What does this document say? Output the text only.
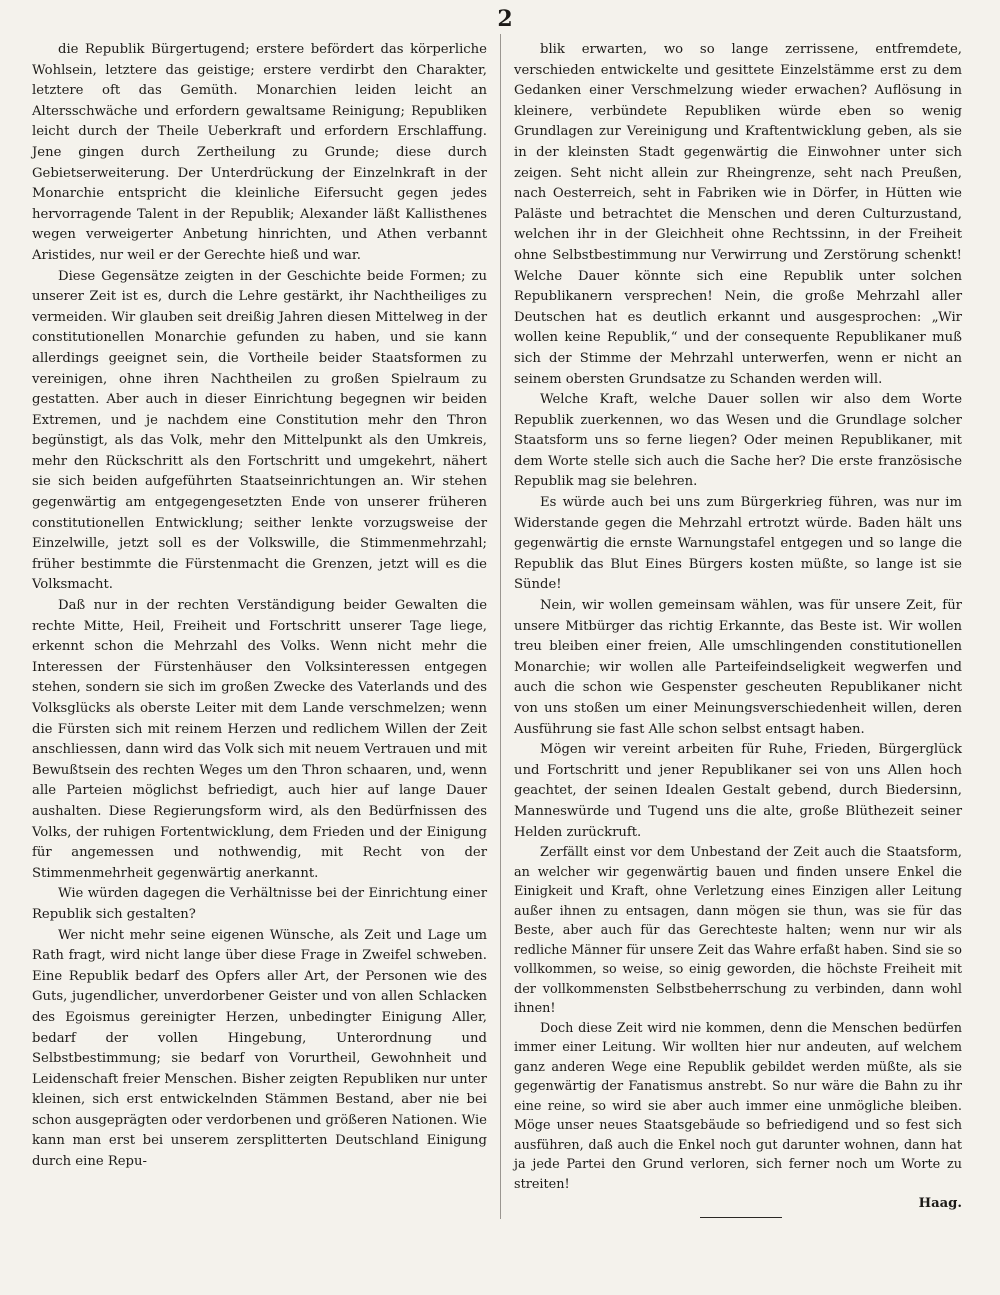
2

die Republik Bürgertugend; erstere befördert das körperliche Wohlsein, letztere das geistige; erstere verdirbt den Charakter, letztere oft das Gemüth. Monarchien leiden leicht an Altersschwäche und erfordern gewaltsame Reinigung; Republiken leicht durch der Theile Ueberkraft und erfordern Erschlaffung. Jene gingen durch Zertheilung zu Grunde; diese durch Gebietserweiterung. Der Unterdrückung der Einzelnkraft in der Monarchie entspricht die kleinliche Eifersucht gegen jedes hervorragende Talent in der Republik; Alexander läßt Kallisthenes wegen verweigerter Anbetung hinrichten, und Athen verbannt Aristides, nur weil er der Gerechte hieß und war.

Diese Gegensätze zeigten in der Geschichte beide Formen; zu unserer Zeit ist es, durch die Lehre gestärkt, ihr Nachtheiliges zu vermeiden. Wir glauben seit dreißig Jahren diesen Mittelweg in der constitutionellen Monarchie gefunden zu haben, und sie kann allerdings geeignet sein, die Vortheile beider Staatsformen zu vereinigen, ohne ihren Nachtheilen zu großen Spielraum zu gestatten. Aber auch in dieser Einrichtung begegnen wir beiden Extremen, und je nachdem eine Constitution mehr den Thron begünstigt, als das Volk, mehr den Mittelpunkt als den Umkreis, mehr den Rückschritt als den Fortschritt und umgekehrt, nähert sie sich beiden aufgeführten Staatseinrichtungen an. Wir stehen gegenwärtig am entgegengesetzten Ende von unserer früheren constitutionellen Entwicklung; seither lenkte vorzugsweise der Einzelwille, jetzt soll es der Volkswille, die Stimmenmehrzahl; früher bestimmte die Fürstenmacht die Grenzen, jetzt will es die Volksmacht.

Daß nur in der rechten Verständigung beider Gewalten die rechte Mitte, Heil, Freiheit und Fortschritt unserer Tage liege, erkennt schon die Mehrzahl des Volks. Wenn nicht mehr die Interessen der Fürstenhäuser den Volksinteressen entgegen stehen, sondern sie sich im großen Zwecke des Vaterlands und des Volksglücks als oberste Leiter mit dem Lande verschmelzen; wenn die Fürsten sich mit reinem Herzen und redlichem Willen der Zeit anschliessen, dann wird das Volk sich mit neuem Vertrauen und mit Bewußtsein des rechten Weges um den Thron schaaren, und, wenn alle Parteien möglichst befriedigt, auch hier auf lange Dauer aushalten. Diese Regierungsform wird, als den Bedürfnissen des Volks, der ruhigen Fortentwicklung, dem Frieden und der Einigung für angemessen und nothwendig, mit Recht von der Stimmenmehrheit gegenwärtig anerkannt.

Wie würden dagegen die Verhältnisse bei der Einrichtung einer Republik sich gestalten?

Wer nicht mehr seine eigenen Wünsche, als Zeit und Lage um Rath fragt, wird nicht lange über diese Frage in Zweifel schweben. Eine Republik bedarf des Opfers aller Art, der Personen wie des Guts, jugendlicher, unverdorbener Geister und von allen Schlacken des Egoismus gereinigter Herzen, unbedingter Einigung Aller, bedarf der vollen Hingebung, Unterordnung und Selbstbestimmung; sie bedarf von Vorurtheil, Gewohnheit und Leidenschaft freier Menschen. Bisher zeigten Republiken nur unter kleinen, sich erst entwickelnden Stämmen Bestand, aber nie bei schon ausgeprägten oder verdorbenen und größeren Nationen. Wie kann man erst bei unserem zersplitterten Deutschland Einigung durch eine Repu-

blik erwarten, wo so lange zerrissene, entfremdete, verschieden entwickelte und gesittete Einzelstämme erst zu dem Gedanken einer Verschmelzung wieder erwachen? Auflösung in kleinere, verbündete Republiken würde eben so wenig Grundlagen zur Vereinigung und Kraftentwicklung geben, als sie in der kleinsten Stadt gegenwärtig die Einwohner unter sich zeigen. Seht nicht allein zur Rheingrenze, seht nach Preußen, nach Oesterreich, seht in Fabriken wie in Dörfer, in Hütten wie Paläste und betrachtet die Menschen und deren Culturzustand, welchen ihr in der Gleichheit ohne Rechtssinn, in der Freiheit ohne Selbstbestimmung nur Verwirrung und Zerstörung schenkt! Welche Dauer könnte sich eine Republik unter solchen Republikanern versprechen! Nein, die große Mehrzahl aller Deutschen hat es deutlich erkannt und ausgesprochen: „Wir wollen keine Republik,“ und der consequente Republikaner muß sich der Stimme der Mehrzahl unterwerfen, wenn er nicht an seinem obersten Grundsatze zu Schanden werden will.

Welche Kraft, welche Dauer sollen wir also dem Worte Republik zuerkennen, wo das Wesen und die Grundlage solcher Staatsform uns so ferne liegen? Oder meinen Republikaner, mit dem Worte stelle sich auch die Sache her? Die erste französische Republik mag sie belehren.

Es würde auch bei uns zum Bürgerkrieg führen, was nur im Widerstande gegen die Mehrzahl ertrotzt würde. Baden hält uns gegenwärtig die ernste Warnungstafel entgegen und so lange die Republik das Blut Eines Bürgers kosten müßte, so lange ist sie Sünde!

Nein, wir wollen gemeinsam wählen, was für unsere Zeit, für unsere Mitbürger das richtig Erkannte, das Beste ist. Wir wollen treu bleiben einer freien, Alle umschlingenden constitutionellen Monarchie; wir wollen alle Parteifeindseligkeit wegwerfen und auch die schon wie Gespenster gescheuten Republikaner nicht von uns stoßen um einer Meinungsverschiedenheit willen, deren Ausführung sie fast Alle schon selbst entsagt haben.

Mögen wir vereint arbeiten für Ruhe, Frieden, Bürgerglück und Fortschritt und jener Republikaner sei von uns Allen hoch geachtet, der seinen Idealen Gestalt gebend, durch Biedersinn, Manneswürde und Tugend uns die alte, große Blüthezeit seiner Helden zurückruft.

Zerfällt einst vor dem Unbestand der Zeit auch die Staatsform, an welcher wir gegenwärtig bauen und finden unsere Enkel die Einigkeit und Kraft, ohne Verletzung eines Einzigen aller Leitung außer ihnen zu entsagen, dann mögen sie thun, was sie für das Beste, aber auch für das Gerechteste halten; wenn nur wir als redliche Männer für unsere Zeit das Wahre erfaßt haben. Sind sie so vollkommen, so weise, so einig geworden, die höchste Freiheit mit der vollkommensten Selbstbeherrschung zu verbinden, dann wohl ihnen!

Doch diese Zeit wird nie kommen, denn die Menschen bedürfen immer einer Leitung. Wir wollten hier nur andeuten, auf welchem ganz anderen Wege eine Republik gebildet werden müßte, als sie gegenwärtig der Fanatismus anstrebt. So nur wäre die Bahn zu ihr eine reine, so wird sie aber auch immer eine unmögliche bleiben. Möge unser neues Staatsgebäude so befriedigend und so fest sich ausführen, daß auch die Enkel noch gut darunter wohnen, dann hat ja jede Partei den Grund verloren, sich ferner noch um Worte zu streiten!

Haag.
